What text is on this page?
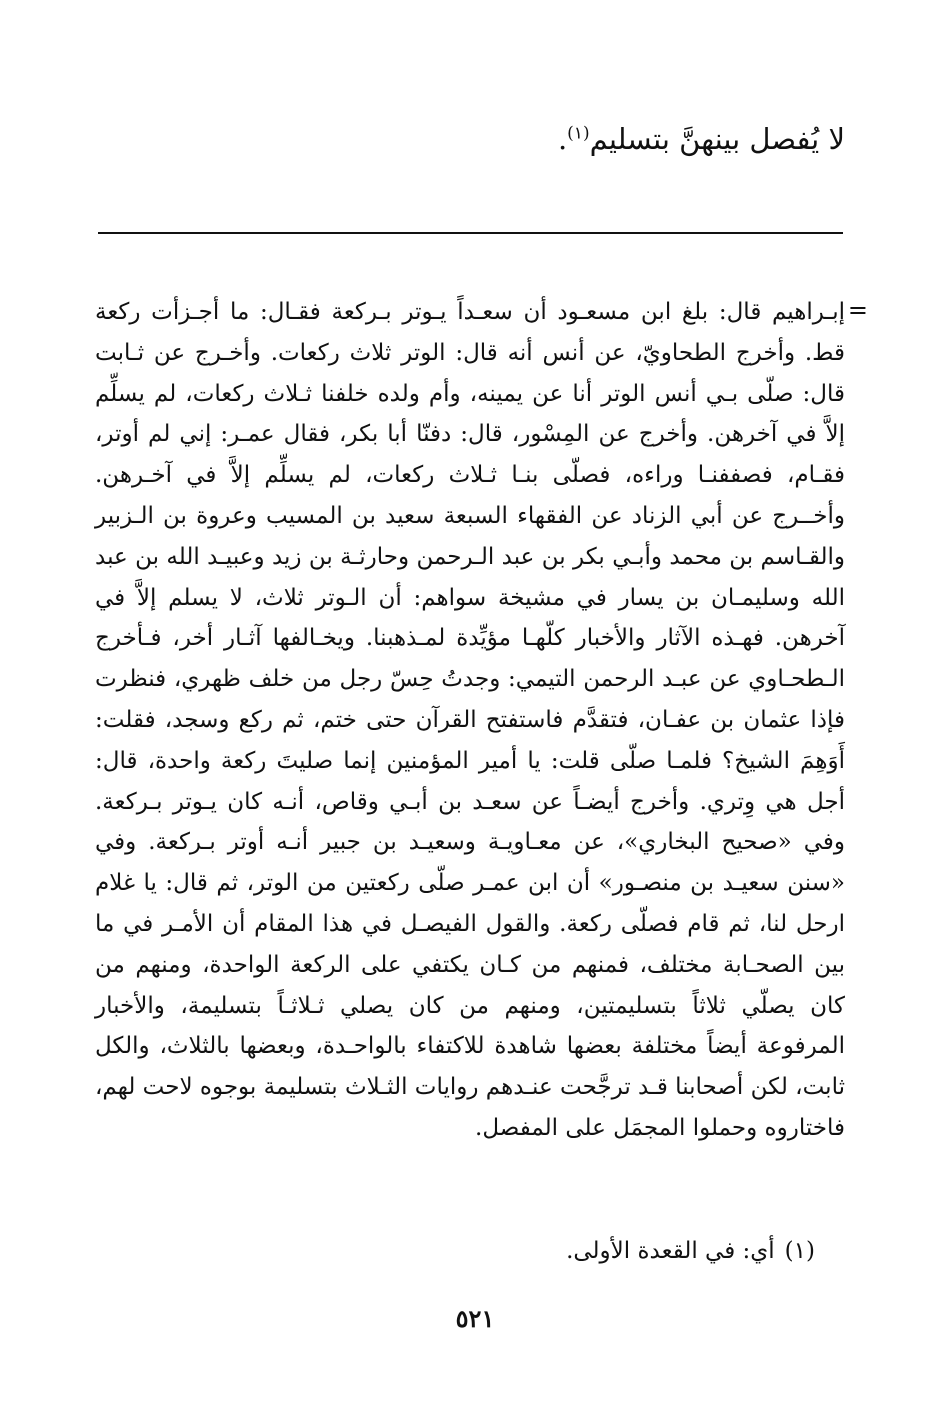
لا يُفصل بينهنَّ بتسليم$^{(١)}$.

=

إبـراهيم قال: بلغ ابن مسعـود أن سعـداً يـوتر بـركعة فقـال: ما أجـزأت ركعة قط. وأخرج الطحاويّ، عن أنس أنه قال: الوتر ثلاث ركعات. وأخـرج عن ثـابت قال: صلّى بـي أنس الوتر أنا عن يمينه، وأم ولده خلفنا ثـلاث ركعات، لم يسلِّم إلاَّ في آخرهن. وأخرج عن المِسْور، قال: دفنّا أبا بكر، فقال عمـر: إني لم أوتر، فقـام، فصففنـا وراءه، فصلّى بنـا ثـلاث ركعات، لم يسلِّم إلاَّ في آخـرهن. وأخــرج عن أبي الزناد عن الفقهاء السبعة سعيد بن المسيب وعروة بن الـزبير والقـاسم بن محمد وأبـي بكر بن عبد الـرحمن وحارثـة بن زيد وعبيـد الله بن عبد الله وسليمـان بن يسار في مشيخة سواهم: أن الـوتر ثلاث، لا يسلم إلاَّ في آخرهن. فهـذه الآثار والأخبار كلّهـا مؤيِّدة لمـذهبنا. ويخـالفها آثـار أخر، فـأخرج الـطحـاوي عن عبـد الرحمن التيمي: وجدتُ حِسّ رجل من خلف ظهري، فنظرت فإذا عثمان بن عفـان، فتقدَّم فاستفتح القرآن حتى ختم، ثم ركع وسجد، فقلت: أَوَهِمَ الشيخ؟ فلمـا صلّى قلت: يا أمير المؤمنين إنما صليتَ ركعة واحدة، قال: أجل هي وِتري. وأخرج أيضـاً عن سعـد بن أبـي وقاص، أنـه كان يـوتر بـركعة. وفي «صحيح البخاري»، عن معـاويـة وسعيـد بن جبير أنـه أوتر بـركعة. وفي «سنن سعيـد بن منصـور» أن ابن عمـر صلّى ركعتين من الوتر، ثم قال: يا غلام ارحل لنا، ثم قام فصلّى ركعة. والقول الفيصـل في هذا المقام أن الأمـر في ما بين الصحـابة مختلف، فمنهم من كـان يكتفي على الركعة الواحدة، ومنهم من كان يصلّي ثلاثاً بتسليمتين، ومنهم من كان يصلي ثـلاثـاً بتسليمة، والأخبار المرفوعة أيضاً مختلفة بعضها شاهدة للاكتفاء بالواحـدة، وبعضها بالثلاث، والكل ثابت، لكن أصحابنا قـد ترجَّحت عنـدهم روايات الثـلاث بتسليمة بوجوه لاحت لهم، فاختاروه وحملوا المجمَل على المفصل.

(١)أي: في القعدة الأولى.

٥٢١
